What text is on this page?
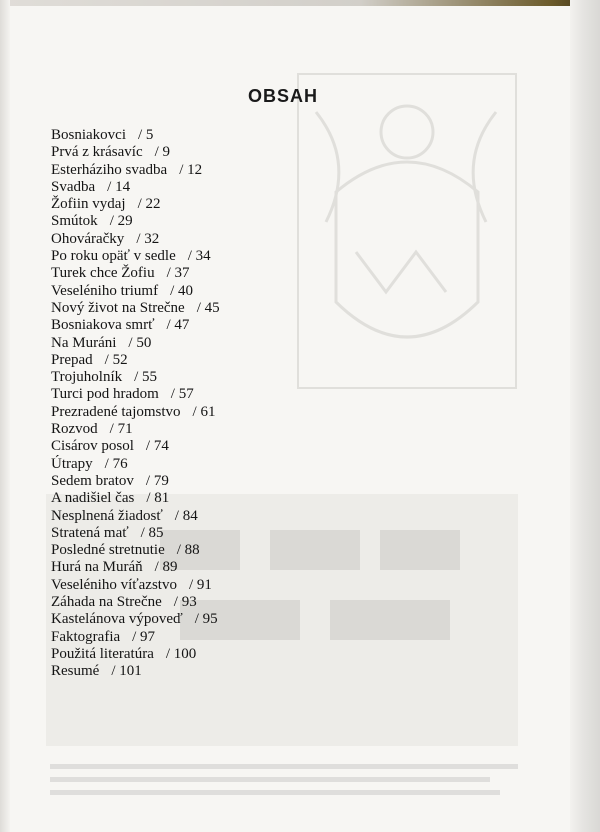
OBSAH
Bosniakovci / 5
Prvá z krásavíc / 9
Esterháziho svadba / 12
Svadba / 14
Žofiin vydaj / 22
Smútok / 29
Ohováračky / 32
Po roku opäť v sedle / 34
Turek chce Žofiu / 37
Veseléniho triumf / 40
Nový život na Strečne / 45
Bosniakova smrť / 47
Na Muráni / 50
Prepad / 52
Trojuholník / 55
Turci pod hradom / 57
Prezradené tajomstvo / 61
Rozvod / 71
Cisárov posol / 74
Útrapy / 76
Sedem bratov / 79
A nadišiel čas / 81
Nesplnená žiadosť / 84
Stratená mať / 85
Posledné stretnutie / 88
Hurá na Muráň / 89
Veseléniho víťazstvo / 91
Záhada na Strečne / 93
Kastelánova výpoveď / 95
Faktografia / 97
Použitá literatúra / 100
Resumé / 101
